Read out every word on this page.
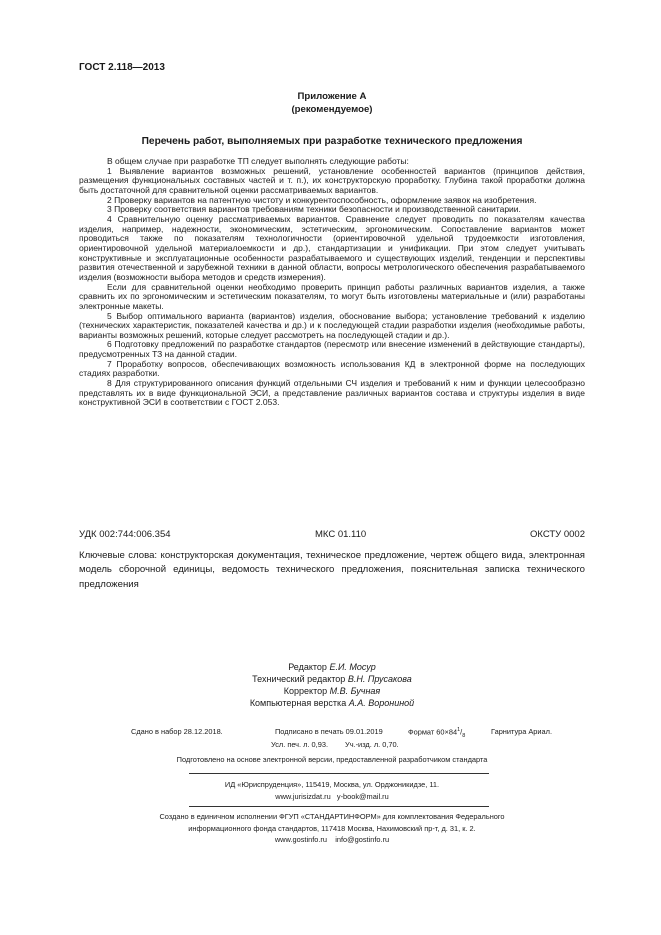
ГОСТ 2.118—2013
Приложение А
(рекомендуемое)
Перечень работ, выполняемых при разработке технического предложения

В общем случае при разработке ТП следует выполнять следующие работы:

1 Выявление вариантов возможных решений, установление особенностей вариантов (принципов действия, размещения функциональных составных частей и т. п.), их конструкторскую проработку. Глубина такой проработки должна быть достаточной для сравнительной оценки рассматриваемых вариантов.

2 Проверку вариантов на патентную чистоту и конкурентоспособность, оформление заявок на изобретения.

3 Проверку соответствия вариантов требованиям техники безопасности и производственной санитарии.

4 Сравнительную оценку рассматриваемых вариантов. Сравнение следует проводить по показателям качества изделия, например, надежности, экономическим, эстетическим, эргономическим. Сопоставление вариантов может проводиться также по показателям технологичности (ориентировочной удельной трудоемкости изготовления, ориентировочной удельной материалоемкости и др.), стандартизации и унификации. При этом следует учитывать конструктивные и эксплуатационные особенности разрабатываемого и существующих изделий, тенденции и перспективы развития отечественной и зарубежной техники в данной области, вопросы метрологического обеспечения разрабатываемого изделия (возможности выбора методов и средств измерения).

Если для сравнительной оценки необходимо проверить принцип работы различных вариантов изделия, а также сравнить их по эргономическим и эстетическим показателям, то могут быть изготовлены материальные и (или) разработаны электронные макеты.

5 Выбор оптимального варианта (вариантов) изделия, обоснование выбора; установление требований к изделию (технических характеристик, показателей качества и др.) и к последующей стадии разработки изделия (необходимые работы, варианты возможных решений, которые следует рассмотреть на последующей стадии и др.).

6 Подготовку предложений по разработке стандартов (пересмотр или внесение изменений в действующие стандарты), предусмотренных ТЗ на данной стадии.

7 Проработку вопросов, обеспечивающих возможность использования КД в электронной форме на последующих стадиях разработки.

8 Для структурированного описания функций отдельными СЧ изделия и требований к ним и функции целесообразно представлять их в виде функциональной ЭСИ, а представление различных вариантов состава и структуры изделия в виде конструктивной ЭСИ в соответствии с ГОСТ 2.053.

УДК 002:744:006.354	МКС 01.110	ОКСТУ 0002

Ключевые слова: конструкторская документация, техническое предложение, чертеж общего вида, электронная модель сборочной единицы, ведомость технического предложения, пояснительная записка технического предложения

Редактор Е.И. Мосур
Технический редактор В.Н. Прусакова
Корректор М.В. Бучная
Компьютерная верстка А.А. Ворониной
Сдано в набор 28.12.2018.	Подписано в печать 09.01.2019	Формат $60\times 84^1/_8$	Гарнитура Ариал.
Усл. печ. л. 0,93. Уч.-изд. л. 0,70.
Подготовлено на основе электронной версии, предоставленной разработчиком стандарта
ИД «Юриспруденция», 115419, Москва, ул. Орджоникидзе, 11.
www.jurisizdat.ru y-book@mail.ru
Создано в единичном исполнении ФГУП «СТАНДАРТИНФОРМ» для комплектования Федерального
информационного фонда стандартов, 117418 Москва, Нахимовский пр-т, д. 31, к. 2.
www.gostinfo.ru info@gostinfo.ru
